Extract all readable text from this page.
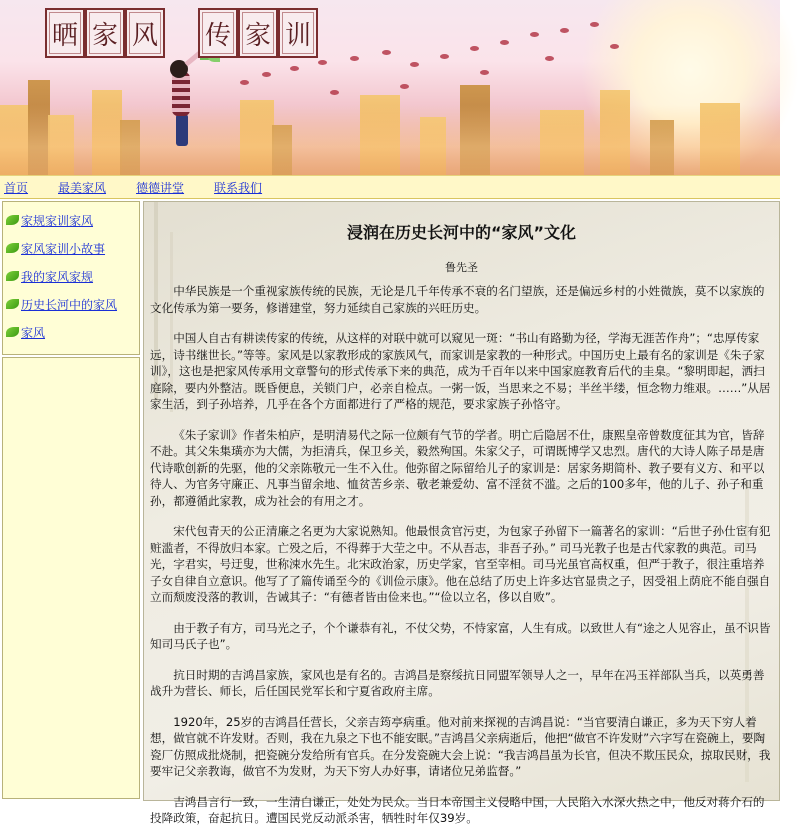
晒 家 风 传 家 训
首页	最美家风	德德讲堂	联系我们
家规家训家风
家风家训小故事
我的家风家规
历史长河中的家风
家风
浸润在历史长河中的“家风”文化
鲁先圣

中华民族是一个重视家族传统的民族，无论是几千年传承不衰的名门望族，还是偏远乡村的小姓微族，莫不以家族的文化传承为第一要务，修谱建堂，努力延续自己家族的兴旺历史。

中国人自古有耕读传家的传统，从这样的对联中就可以窥见一斑：“书山有路勤为径，学海无涯苦作舟”；“忠厚传家远，诗书继世长。”等等。家风是以家教形成的家族风气，而家训是家教的一种形式。中国历史上最有名的家训是《朱子家训》，这也是把家风传承用文章警句的形式传承下来的典范，成为千百年以来中国家庭教育后代的圭臬。“黎明即起，洒扫庭除，要内外整洁。既昏便息，关锁门户，必亲自检点。一粥一饭，当思来之不易；半丝半缕，恒念物力维艰。……”从居家生活，到子孙培养，几乎在各个方面都进行了严格的规范，要求家族子孙恪守。

《朱子家训》作者朱柏庐，是明清易代之际一位颇有气节的学者。明亡后隐居不仕，康熙皇帝曾数度征其为官，皆辞不赴。其父朱集璜亦为大儒，为拒清兵，保卫乡关，毅然殉国。朱家父子，可谓既博学又忠烈。唐代的大诗人陈子昂是唐代诗歌创新的先驱，他的父亲陈敬元一生不入仕。他弥留之际留给儿子的家训是：居家务期简朴、教子要有义方、和平以待人、为官务守廉正、凡事当留余地、恤贫苦乡亲、敬老兼爱幼、富不淫贫不滥。之后的100多年，他的儿子、孙子和重孙，都遵循此家教，成为社会的有用之才。

宋代包青天的公正清廉之名更为大家说熟知。他最恨贪官污吏，为包家子孙留下一篇著名的家训：“后世子孙仕宦有犯赃滥者，不得放归本家。亡殁之后，不得葬于大茔之中。不从吾志，非吾子孙。” 司马光教子也是古代家教的典范。司马光，字君实，号迂叟，世称涑水先生。北宋政治家，历史学家，官至宰相。司马光虽官高权重，但严于教子，很注重培养子女自律自立意识。他写了了篇传诵至今的《训俭示康》。他在总结了历史上许多达官显贵之子，因受祖上荫庇不能自强自立而颓废没落的教训，告诫其子：“有德者皆由俭来也。”“俭以立名，侈以自败”。

由于教子有方，司马光之子，个个谦恭有礼，不仗父势，不恃家富，人生有成。以致世人有“途之人见容止，虽不识皆知司马氏子也”。

抗日时期的吉鸿昌家族，家风也是有名的。吉鸿昌是察绥抗日同盟军领导人之一，早年在冯玉祥部队当兵，以英勇善战升为营长、师长，后任国民党军长和宁夏省政府主席。

1920年，25岁的吉鸿昌任营长，父亲吉筠亭病重。他对前来探视的吉鸿昌说：“当官要清白谦正，多为天下穷人着想，做官就不许发财。否则，我在九泉之下也不能安眠。”吉鸿昌父亲病逝后，他把“做官不许发财”六字写在瓷碗上，要陶瓷厂仿照成批烧制，把瓷碗分发给所有官兵。在分发瓷碗大会上说：“我吉鸿昌虽为长官，但决不欺压民众，掠取民财，我要牢记父亲教诲，做官不为发财，为天下穷人办好事，请诸位兄弟监督。”

吉鸿昌言行一致，一生清白谦正，处处为民众。当日本帝国主义侵略中国，人民陷入水深火热之中，他反对蒋介石的投降政策，奋起抗日。遭国民党反动派杀害，牺牲时年仅39岁。
